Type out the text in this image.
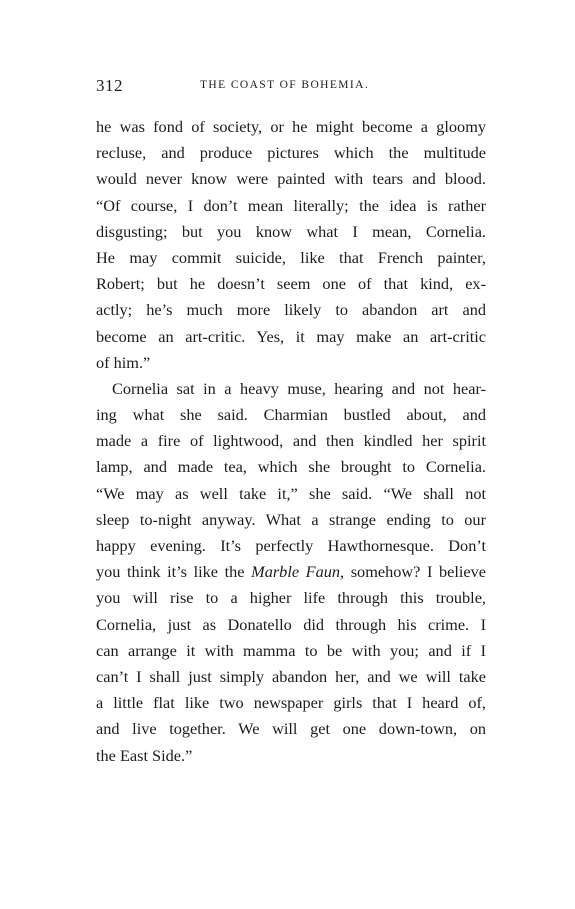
312	THE COAST OF BOHEMIA.
he was fond of society, or he might become a gloomy
recluse, and produce pictures which the multitude
would never know were painted with tears and blood.
“Of course, I don’t mean literally; the idea is rather
disgusting; but you know what I mean, Cornelia.
He may commit suicide, like that French painter,
Robert; but he doesn’t seem one of that kind, ex-
actly; he’s much more likely to abandon art and
become an art-critic. Yes, it may make an art-critic
of him.”
Cornelia sat in a heavy muse, hearing and not hear-
ing what she said. Charmian bustled about, and
made a fire of lightwood, and then kindled her spirit
lamp, and made tea, which she brought to Cornelia.
“We may as well take it,” she said. “We shall not
sleep to-night anyway. What a strange ending to our
happy evening. It’s perfectly Hawthornesque. Don’t
you think it’s like the Marble Faun, somehow? I believe
you will rise to a higher life through this trouble,
Cornelia, just as Donatello did through his crime. I
can arrange it with mamma to be with you; and if I
can’t I shall just simply abandon her, and we will take
a little flat like two newspaper girls that I heard of,
and live together. We will get one down-town, on
the East Side.”
